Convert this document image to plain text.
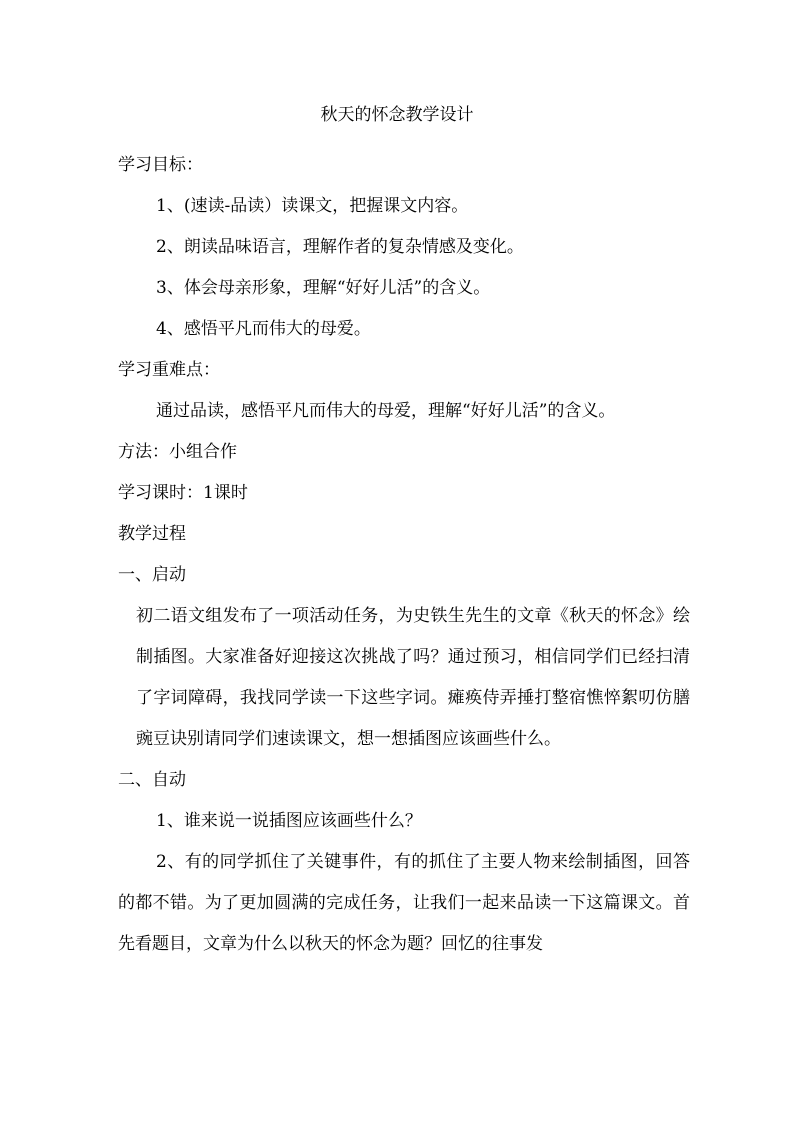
秋天的怀念教学设计

学习目标：

1、(速读-品读）读课文，把握课文内容。

2、朗读品味语言，理解作者的复杂情感及变化。

3、体会母亲形象，理解“好好儿活”的含义。

4、感悟平凡而伟大的母爱。

学习重难点：

通过品读，感悟平凡而伟大的母爱，理解“好好儿活”的含义。

方法：小组合作

学习课时：1课时

教学过程

一、启动

初二语文组发布了一项活动任务，为史铁生先生的文章《秋天的怀念》绘制插图。大家准备好迎接这次挑战了吗？通过预习，相信同学们已经扫清了字词障碍，我找同学读一下这些字词。瘫痪侍弄捶打整宿憔悴絮叨仿膳豌豆诀别请同学们速读课文，想一想插图应该画些什么。

二、自动

1、谁来说一说插图应该画些什么？

2、有的同学抓住了关键事件，有的抓住了主要人物来绘制插图，回答的都不错。为了更加圆满的完成任务，让我们一起来品读一下这篇课文。首先看题目，文章为什么以秋天的怀念为题？回忆的往事发
